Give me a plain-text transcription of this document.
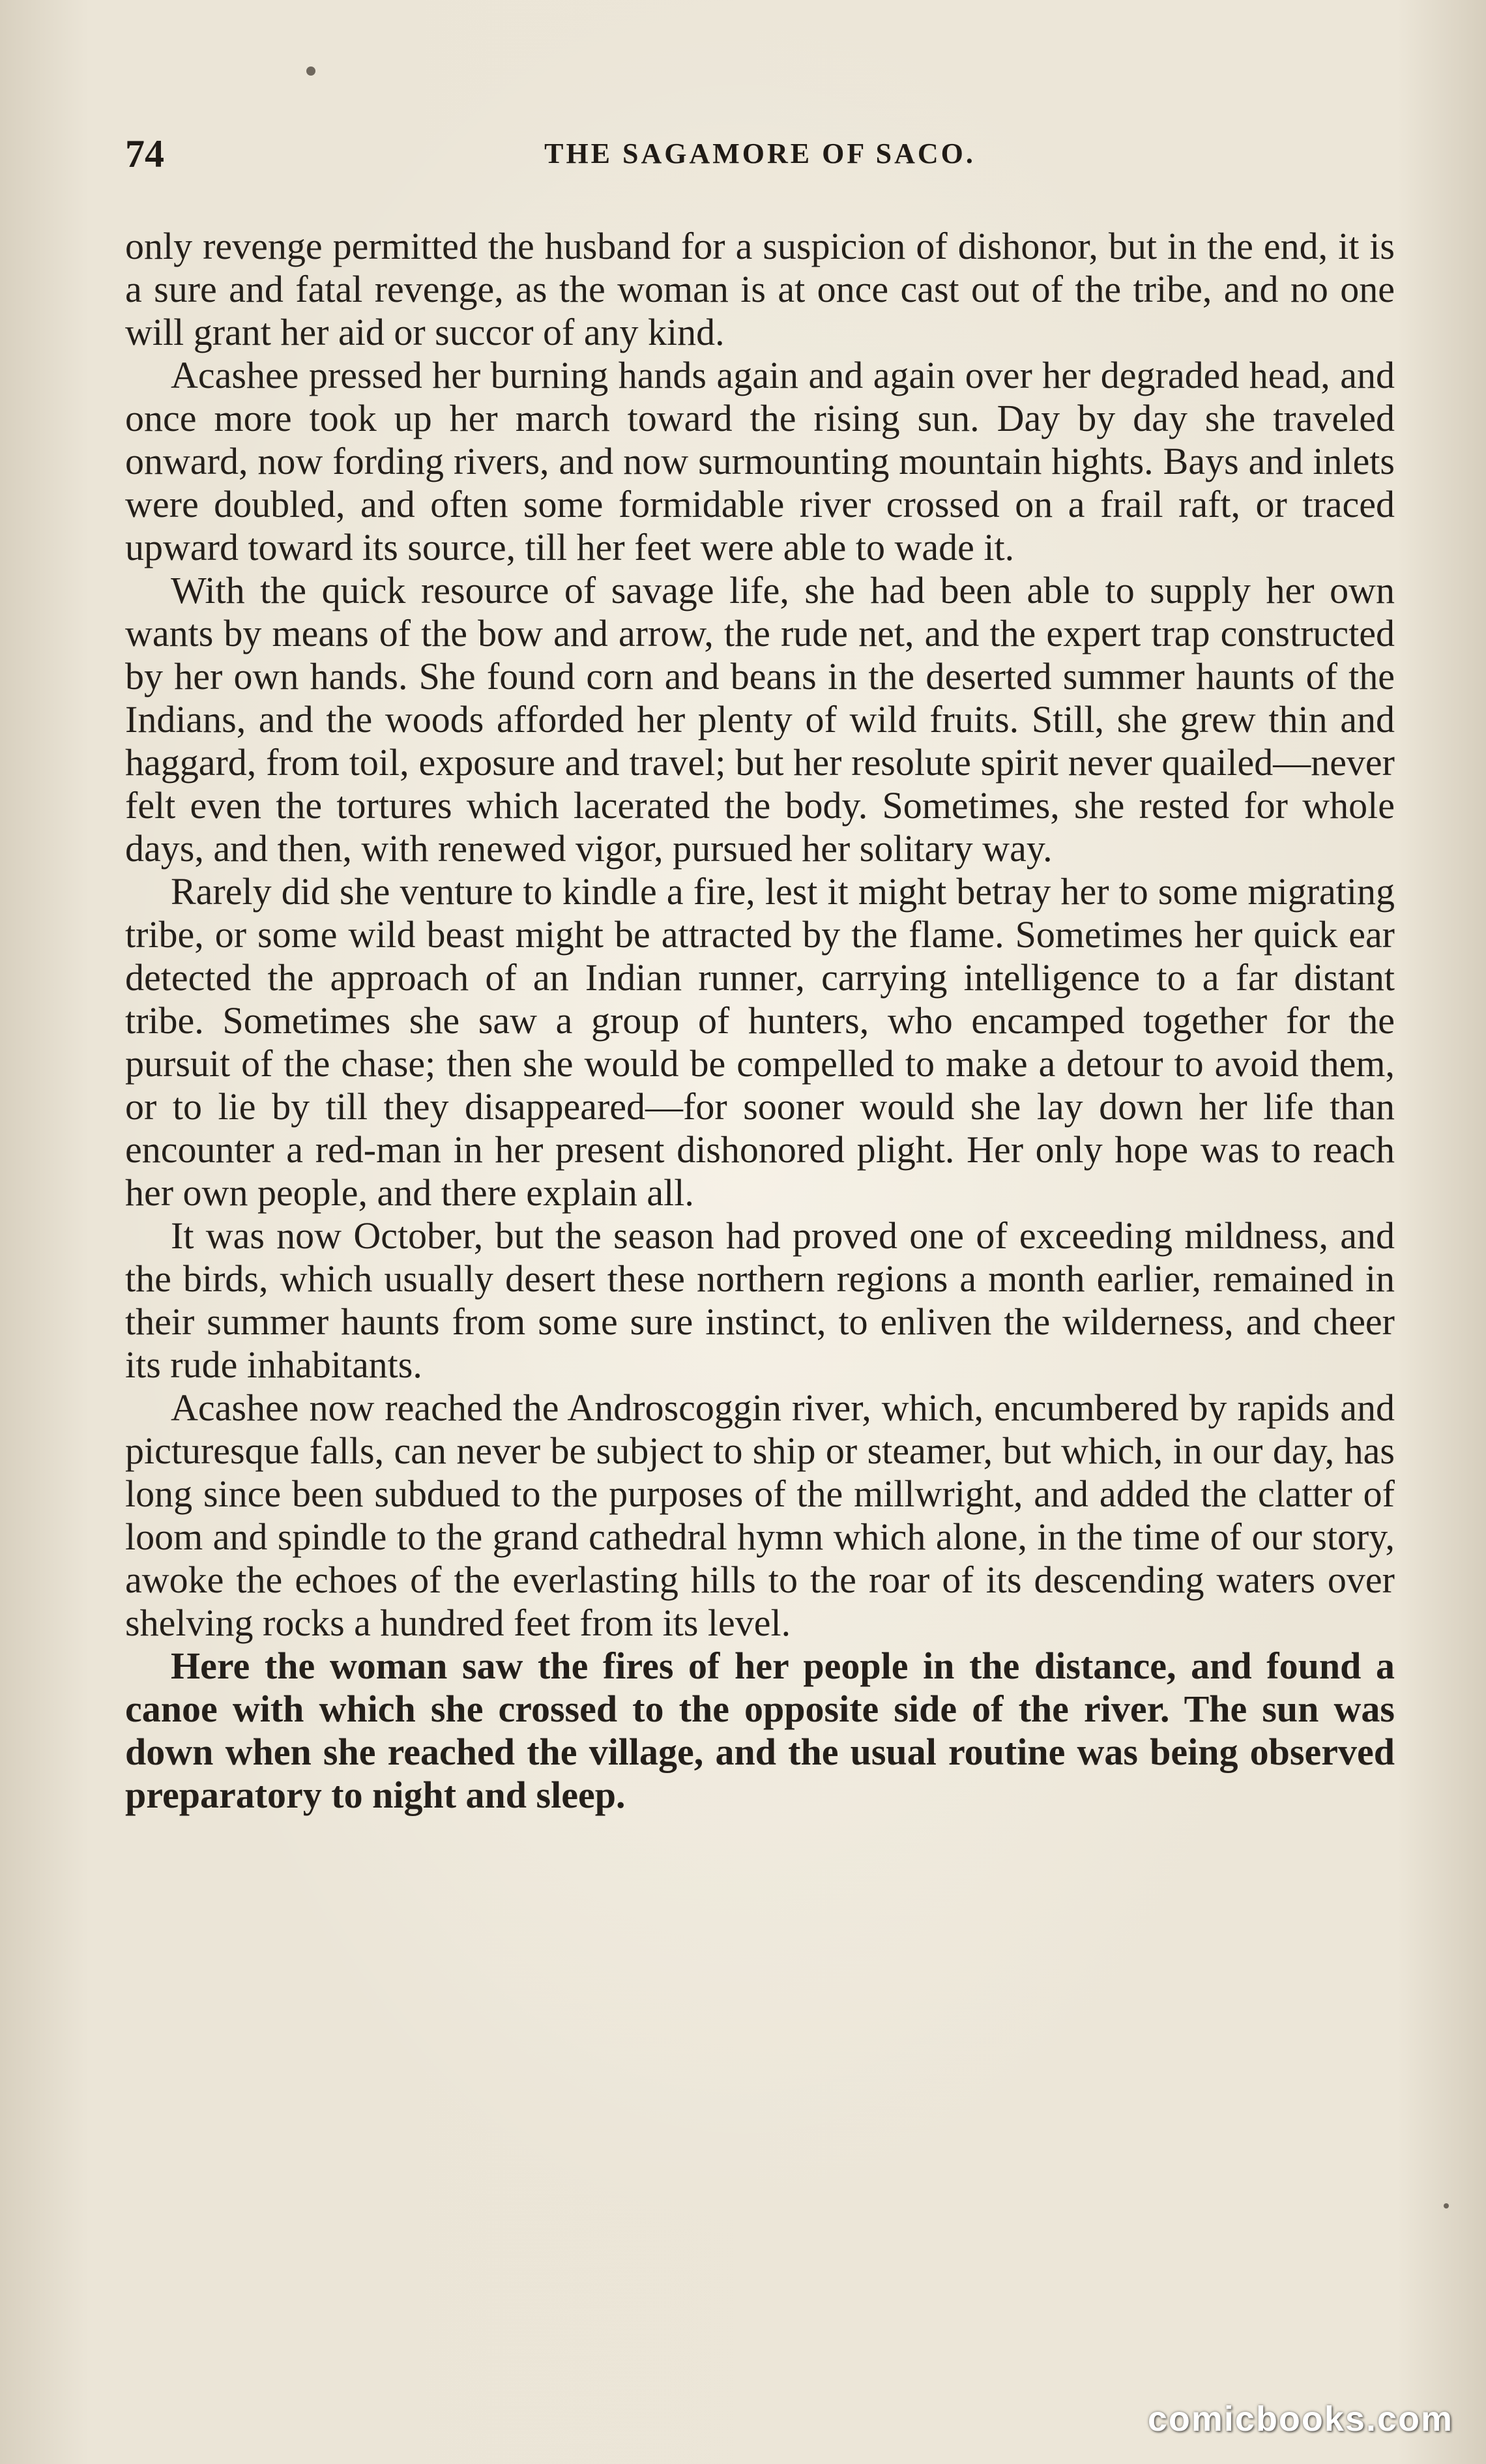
74	THE SAGAMORE OF SACO.

only revenge permitted the husband for a suspicion of dishonor, but in the end, it is a sure and fatal revenge, as the woman is at once cast out of the tribe, and no one will grant her aid or succor of any kind.

Acashee pressed her burning hands again and again over her degraded head, and once more took up her march toward the rising sun. Day by day she traveled onward, now fording rivers, and now surmounting mountain hights. Bays and inlets were doubled, and often some formidable river crossed on a frail raft, or traced upward toward its source, till her feet were able to wade it.

With the quick resource of savage life, she had been able to supply her own wants by means of the bow and arrow, the rude net, and the expert trap constructed by her own hands. She found corn and beans in the deserted summer haunts of the Indians, and the woods afforded her plenty of wild fruits. Still, she grew thin and haggard, from toil, exposure and travel; but her resolute spirit never quailed—never felt even the tortures which lacerated the body. Sometimes, she rested for whole days, and then, with renewed vigor, pursued her solitary way.

Rarely did she venture to kindle a fire, lest it might betray her to some migrating tribe, or some wild beast might be attracted by the flame. Sometimes her quick ear detected the approach of an Indian runner, carrying intelligence to a far distant tribe. Sometimes she saw a group of hunters, who encamped together for the pursuit of the chase; then she would be compelled to make a detour to avoid them, or to lie by till they disappeared—for sooner would she lay down her life than encounter a red-man in her present dishonored plight. Her only hope was to reach her own people, and there explain all.

It was now October, but the season had proved one of exceeding mildness, and the birds, which usually desert these northern regions a month earlier, remained in their summer haunts from some sure instinct, to enliven the wilderness, and cheer its rude inhabitants.

Acashee now reached the Androscoggin river, which, encumbered by rapids and picturesque falls, can never be subject to ship or steamer, but which, in our day, has long since been subdued to the purposes of the millwright, and added the clatter of loom and spindle to the grand cathedral hymn which alone, in the time of our story, awoke the echoes of the everlasting hills to the roar of its descending waters over shelving rocks a hundred feet from its level.

Here the woman saw the fires of her people in the distance, and found a canoe with which she crossed to the opposite side of the river. The sun was down when she reached the village, and the usual routine was being observed preparatory to night and sleep.

comicbooks.com
